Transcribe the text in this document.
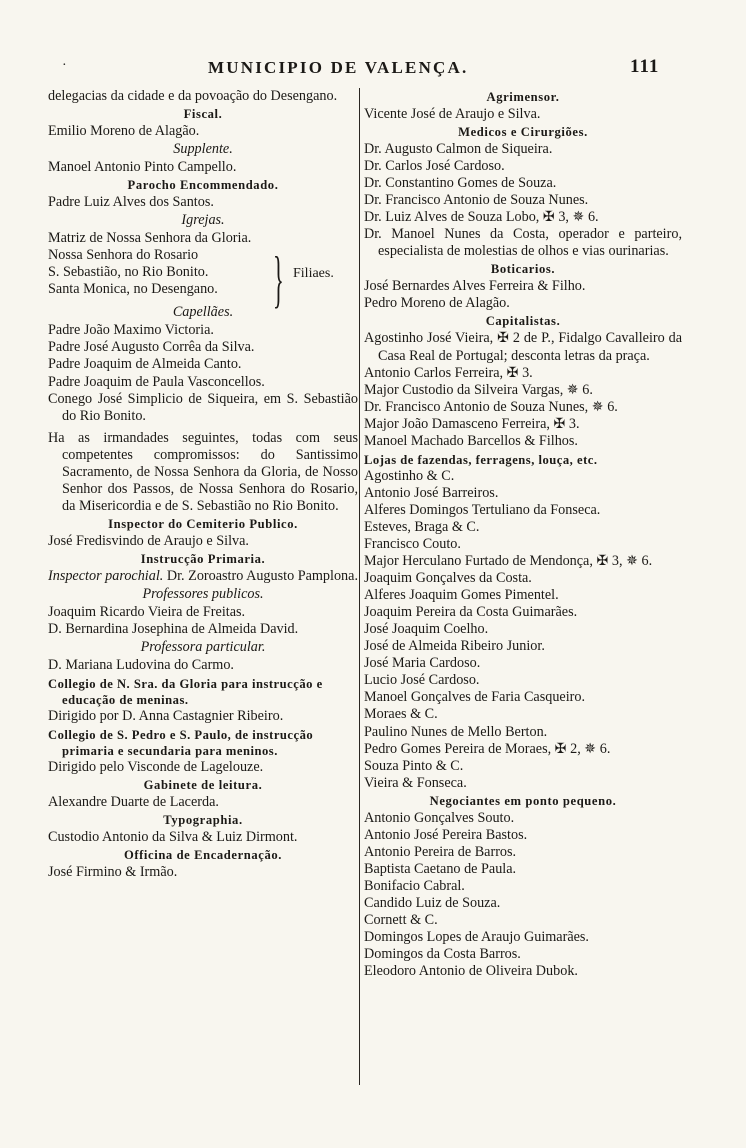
·	MUNICIPIO DE VALENÇA.	111

delegacias da cidade e da povoação do Desengano.

Fiscal.

Emilio Moreno de Alagão.

Supplente.

Manoel Antonio Pinto Campello.

Parocho Encommendado.

Padre Luiz Alves dos Santos.

Igrejas.

Matriz de Nossa Senhora da Gloria.

Nossa Senhora do Rosario

S. Sebastião, no Rio Bonito.

Santa Monica, no Desengano. } Filiaes.

Capellães.

Padre João Maximo Victoria.

Padre José Augusto Corrêa da Silva.

Padre Joaquim de Almeida Canto.

Padre Joaquim de Paula Vasconcellos.

Conego José Simplicio de Siqueira, em S. Sebastião do Rio Bonito.

Ha as irmandades seguintes, todas com seus competentes compromissos: do Santissimo Sacramento, de Nossa Senhora da Gloria, de Nosso Senhor dos Passos, de Nossa Senhora do Rosario, da Misericordia e de S. Sebastião no Rio Bonito.

Inspector do Cemiterio Publico.

José Fredisvindo de Araujo e Silva.

Instrucção Primaria.

Inspector parochial. Dr. Zoroastro Augusto Pamplona.

Professores publicos.

Joaquim Ricardo Vieira de Freitas.

D. Bernardina Josephina de Almeida David.

Professora particular.

D. Mariana Ludovina do Carmo.

Collegio de N. Sra. da Gloria para instrucção e educação de meninas.

Dirigido por D. Anna Castagnier Ribeiro.

Collegio de S. Pedro e S. Paulo, de instrucção primaria e secundaria para meninos.

Dirigido pelo Visconde de Lagelouze.

Gabinete de leitura.

Alexandre Duarte de Lacerda.

Typographia.

Custodio Antonio da Silva & Luiz Dirmont.

Officina de Encadernação.

José Firmino & Irmão.

Agrimensor.

Vicente José de Araujo e Silva.

Medicos e Cirurgiões.

Dr. Augusto Calmon de Siqueira.

Dr. Carlos José Cardoso.

Dr. Constantino Gomes de Souza.

Dr. Francisco Antonio de Souza Nunes.

Dr. Luiz Alves de Souza Lobo, ✠ 3, ✵ 6.

Dr. Manoel Nunes da Costa, operador e parteiro, especialista de molestias de olhos e vias ourinarias.

Boticarios.

José Bernardes Alves Ferreira & Filho.

Pedro Moreno de Alagão.

Capitalistas.

Agostinho José Vieira, ✠ 2 de P., Fidalgo Cavalleiro da Casa Real de Portugal; desconta letras da praça.

Antonio Carlos Ferreira, ✠ 3.

Major Custodio da Silveira Vargas, ✵ 6.

Dr. Francisco Antonio de Souza Nunes, ✵ 6.

Major João Damasceno Ferreira, ✠ 3.

Manoel Machado Barcellos & Filhos.

Lojas de fazendas, ferragens, louça, etc.

Agostinho & C.

Antonio José Barreiros.

Alferes Domingos Tertuliano da Fonseca.

Esteves, Braga & C.

Francisco Couto.

Major Herculano Furtado de Mendonça, ✠ 3, ✵ 6.

Joaquim Gonçalves da Costa.

Alferes Joaquim Gomes Pimentel.

Joaquim Pereira da Costa Guimarães.

José Joaquim Coelho.

José de Almeida Ribeiro Junior.

José Maria Cardoso.

Lucio José Cardoso.

Manoel Gonçalves de Faria Casqueiro.

Moraes & C.

Paulino Nunes de Mello Berton.

Pedro Gomes Pereira de Moraes, ✠ 2, ✵ 6.

Souza Pinto & C.

Vieira & Fonseca.

Negociantes em ponto pequeno.

Antonio Gonçalves Souto.

Antonio José Pereira Bastos.

Antonio Pereira de Barros.

Baptista Caetano de Paula.

Bonifacio Cabral.

Candido Luiz de Souza.

Cornett & C.

Domingos Lopes de Araujo Guimarães.

Domingos da Costa Barros.

Eleodoro Antonio de Oliveira Dubok.
